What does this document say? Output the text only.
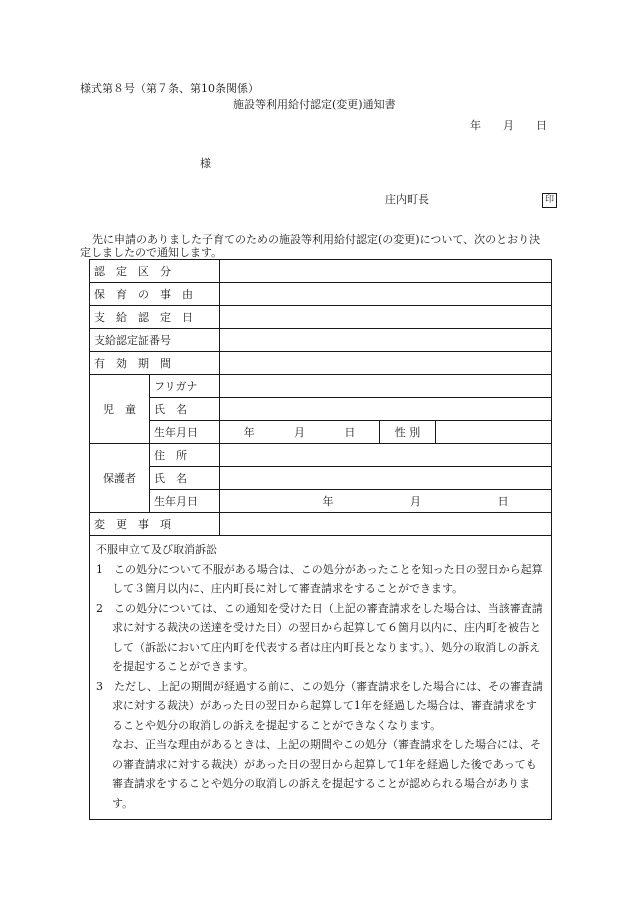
様式第８号（第７条、第10条関係）
施設等利用給付認定(変更)通知書
年　　月　　日
様
庄内町長	印
先に申請のありました子育てのための施設等利用給付認定(の変更)について、次のとおり決定しましたので通知します。
認　定　区　分				
保　育　の　事　由				
支　給　認　定　日				
支給認定証番号				
有　効　期　間				
児　童	フリガナ			
	氏　名			
	生年月日	年 月 日	性 別	
保護者	住　所			
	氏　名			
	生年月日	年 月 日		

変　更　事　項				

不服申立て及び取消訴訟
1　この処分について不服がある場合は、この処分があったことを知った日の翌日から起算して３箇月以内に、庄内町長に対して審査請求をすることができます。
2　この処分については、この通知を受けた日（上記の審査請求をした場合は、当該審査請求に対する裁決の送達を受けた日）の翌日から起算して６箇月以内に、庄内町を被告として（訴訟において庄内町を代表する者は庄内町長となります。）、処分の取消しの訴えを提起することができます。
3　ただし、上記の期間が経過する前に、この処分（審査請求をした場合には、その審査請求に対する裁決）があった日の翌日から起算して1年を経過した場合は、審査請求をすることや処分の取消しの訴えを提起することができなくなります。
なお、正当な理由があるときは、上記の期間やこの処分（審査請求をした場合には、その審査請求に対する裁決）があった日の翌日から起算して1年を経過した後であっても審査請求をすることや処分の取消しの訴えを提起することが認められる場合があります。				
